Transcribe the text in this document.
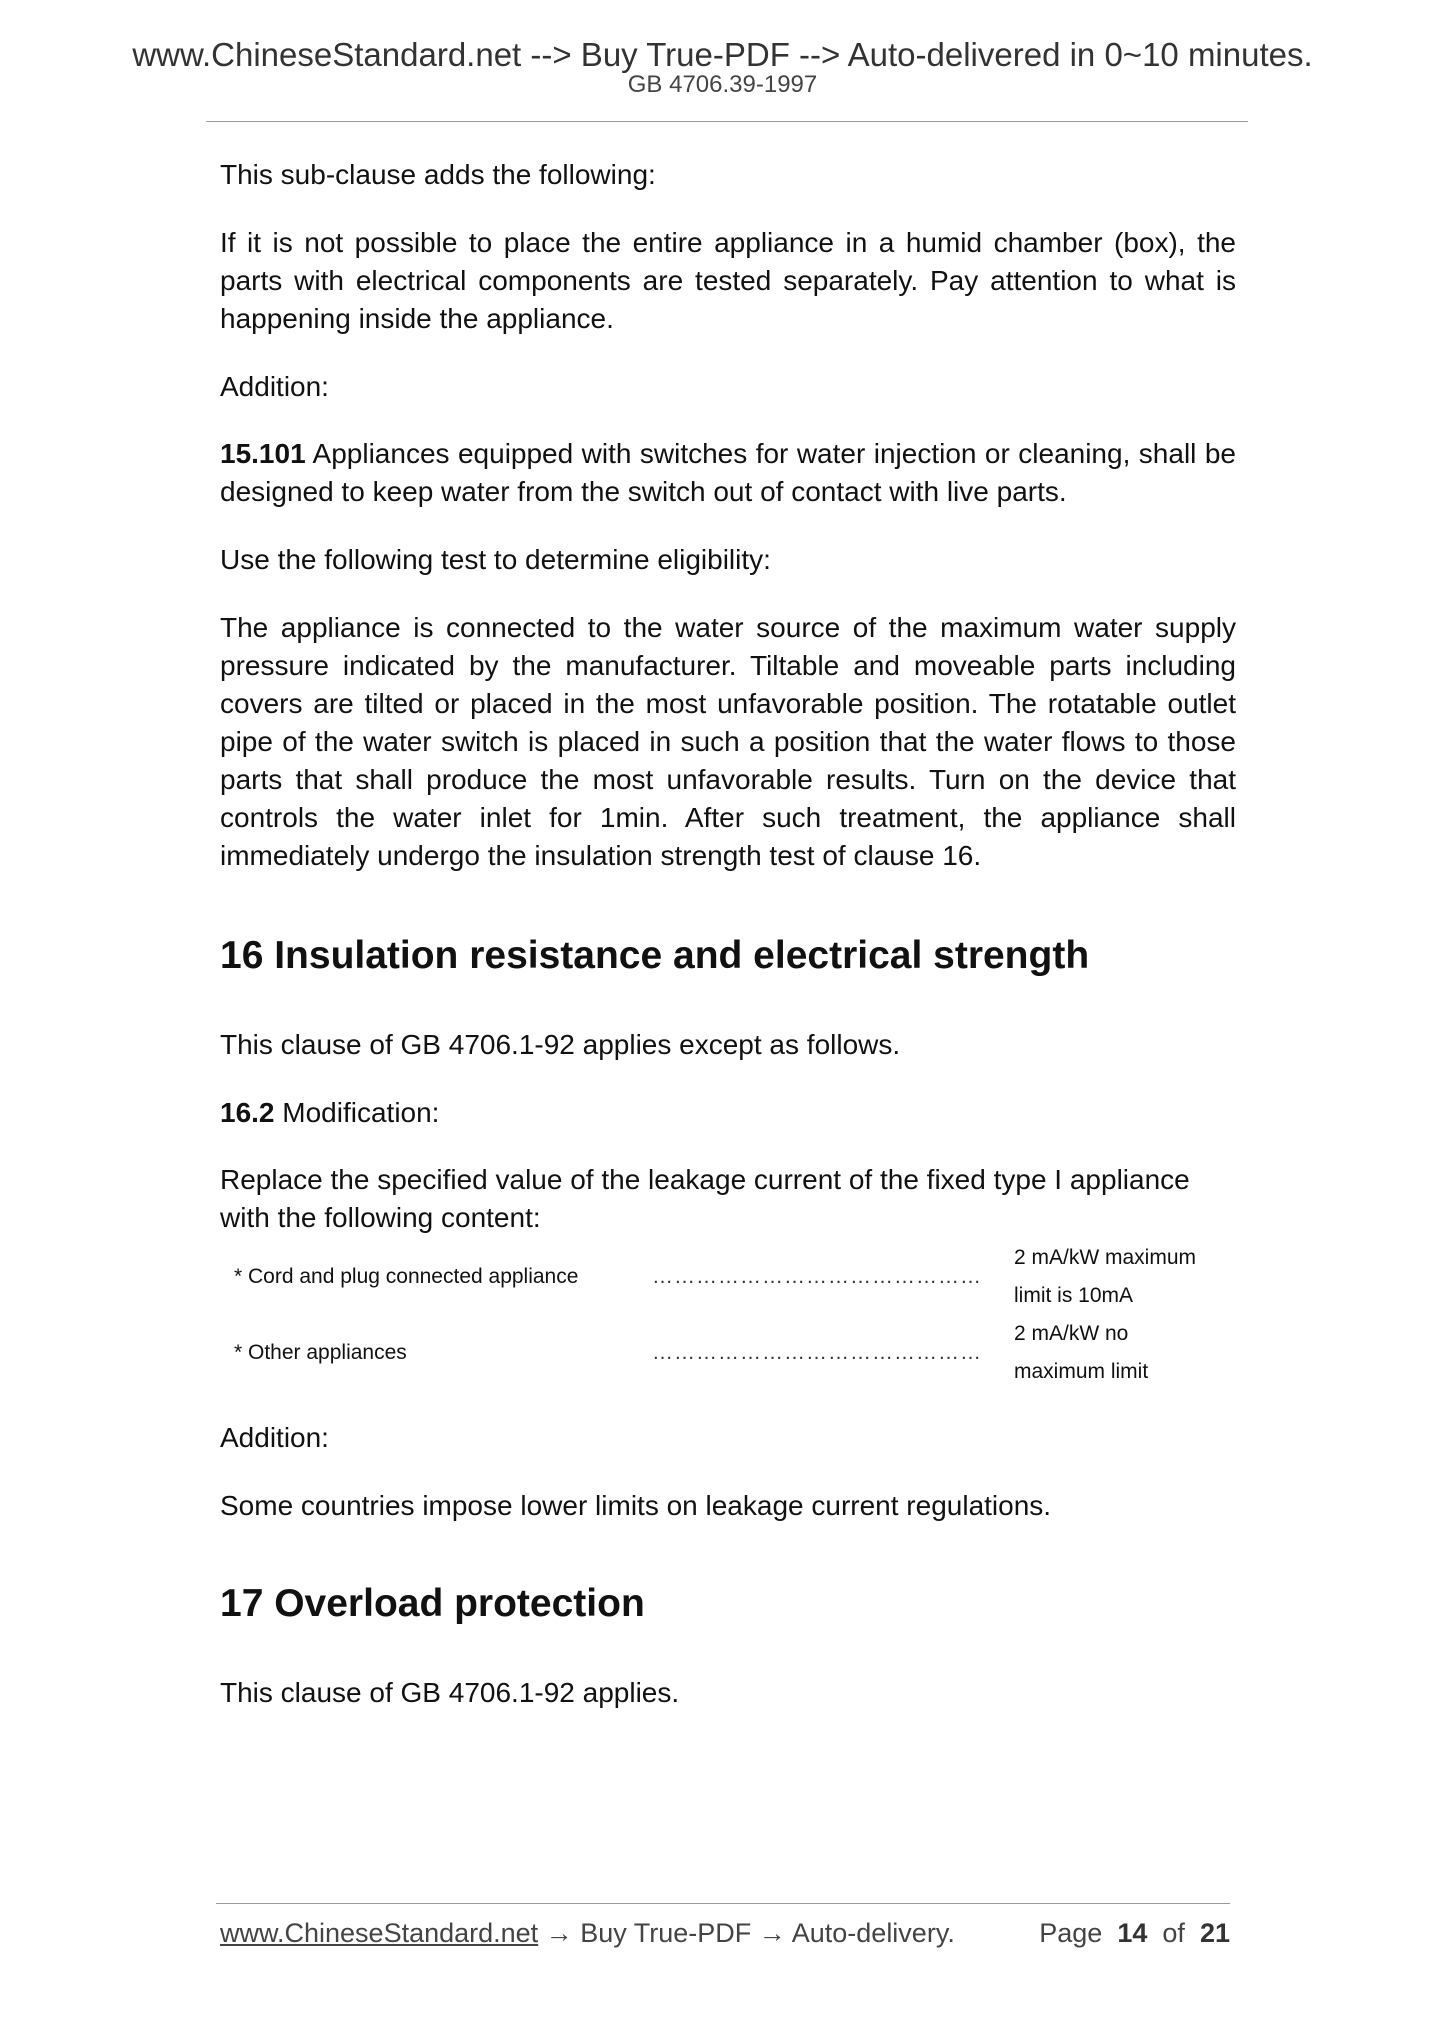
www.ChineseStandard.net --> Buy True-PDF --> Auto-delivered in 0~10 minutes.
GB 4706.39-1997

This sub-clause adds the following:

If it is not possible to place the entire appliance in a humid chamber (box), the parts with electrical components are tested separately. Pay attention to what is happening inside the appliance.

Addition:

15.101 Appliances equipped with switches for water injection or cleaning, shall be designed to keep water from the switch out of contact with live parts.

Use the following test to determine eligibility:

The appliance is connected to the water source of the maximum water supply pressure indicated by the manufacturer. Tiltable and moveable parts including covers are tilted or placed in the most unfavorable position. The rotatable outlet pipe of the water switch is placed in such a position that the water flows to those parts that shall produce the most unfavorable results. Turn on the device that controls the water inlet for 1min. After such treatment, the appliance shall immediately undergo the insulation strength test of clause 16.

16 Insulation resistance and electrical strength

This clause of GB 4706.1-92 applies except as follows.

16.2 Modification:

Replace the specified value of the leakage current of the fixed type I appliance with the following content:

* Cord and plug connected appliance	………………………………………
2 mA/kW maximum
limit is 10mA
* Other appliances	………………………………………
2 mA/kW no
maximum limit

Addition:

Some countries impose lower limits on leakage current regulations.

17 Overload protection

This clause of GB 4706.1-92 applies.

www.ChineseStandard.net → Buy True-PDF → Auto-delivery.	Page 14 of 21
